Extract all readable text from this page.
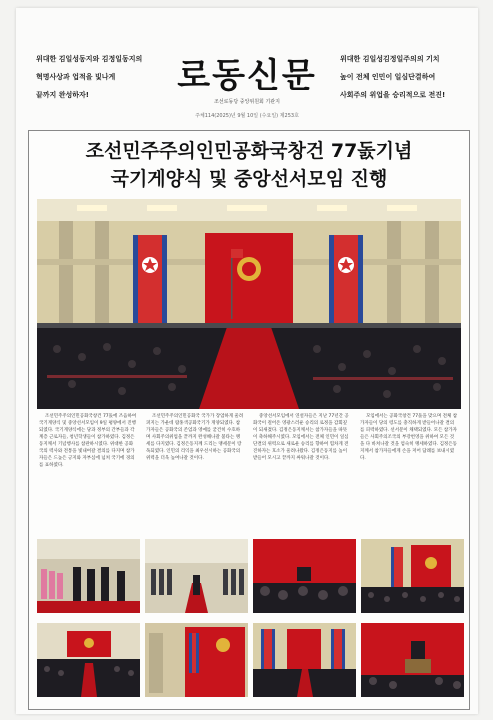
위대한 김일성동지와 김정일동지의
혁명사상과 업적을 빛나게
끝까지 완성하자!	로동신문
조선로동당 중앙위원회 기관지
주체114(2025)년 9월 10일 (수요일) 제253호
위대한 김일성김정일주의의 기치
높이 전체 인민이 일심단결하여
사회주의 위업을 승리적으로 전진!
조선민주주의인민공화국창건 77돐기념
국기게양식 및 중앙선서모임 진행

조선민주주의인민공화국창건 77돐에 즈음하여 국기게양식 및 중앙선서모임이 9일 평양에서 진행되였다. 국기게양식에는 당과 정부의 간부들과 각계층 근로자들, 청년학생들이 참가하였다. 김정은동지께서 기념행사를 참관하시였다. 위대한 공화국의 력사와 전통을 빛내여갈 결의를 다지며 참가자들은 드높은 긍지와 자부심에 넘쳐 국기에 경의를 표하였다.

조선민주주의인민공화국 국가가 장엄하게 울려퍼지는 가운데 람홍색공화국기가 게양되였다. 참가자들은 공화국의 존엄과 영예를 굳건히 수호하며 사회주의위업을 끝까지 완성해나갈 불타는 맹세를 다지였다. 김정은동지께 드리는 맹세문이 랑독되였다. 인민의 리익을 최우선시하는 공화국의 위력을 더욱 높여나갈 것이다.

중앙선서모임에서 연설자들은 지난 77년간 공화국이 걸어온 영광스러운 승리의 로정을 감회깊이 되새겼다. 김정은동지께서는 참가자들을 따뜻이 축하해주시였다. 모임에서는 전체 인민이 일심단결의 위력으로 새로운 승리를 향하여 힘차게 전진하자는 호소가 울려나왔다. 김정은동지를 높이 받들어 모시고 끝까지 싸워나갈 것이다.

모임에서는 공화국창건 77돐을 맞으며 전체 참가자들이 당의 령도를 충직하게 받들어나갈 결의를 피력하였다. 선서문이 채택되였다. 모든 참가자들은 사회주의조국의 부강번영을 위하여 모든 것을 다 바쳐나갈 것을 엄숙히 맹세하였다. 김정은동지께서 참가자들에게 손을 저어 답례를 보내시였다.
